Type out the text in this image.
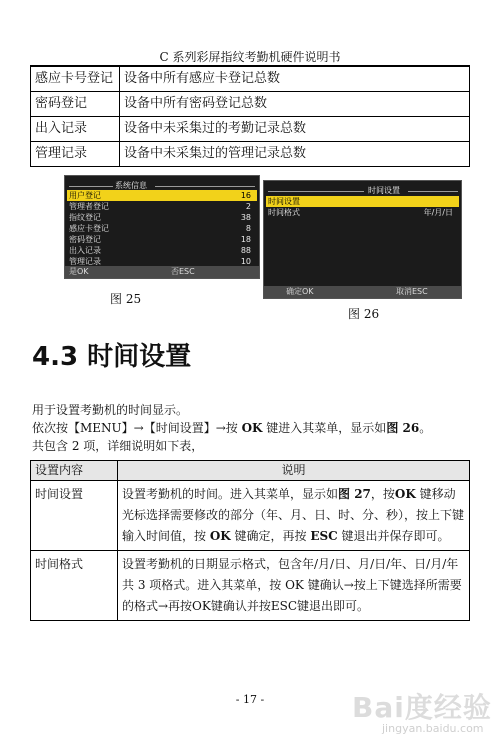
C 系列彩屏指纹考勤机硬件说明书
感应卡号登记	设备中所有感应卡登记总数
密码登记	设备中所有密码登记总数
出入记录	设备中未采集过的考勤记录总数
管理记录	设备中未采集过的管理记录总数
系统信息
用户登记	16
管理者登记	2
指纹登记	38
感应卡登记	8
密码登记	18
出入记录	88
管理记录	10
是OK	否ESC
时间设置
时间设置
时间格式	年/月/日
确定OK	取消ESC
图 25
图 26
4.3 时间设置
用于设置考勤机的时间显示。
依次按【MENU】→【时间设置】→按 OK 键进入其菜单，显示如图 26。
共包含 2 项，详细说明如下表，
设置内容	说明
时间设置	设置考勤机的时间。进入其菜单，显示如图 27，按OK 键移动光标选择需要修改的部分（年、月、日、时、分、秒），按上下键输入时间值，按 OK 键确定，再按 ESC 键退出并保存即可。
时间格式	设置考勤机的日期显示格式，包含年/月/日、月/日/年、日/月/年共 3 项格式。进入其菜单，按 OK 键确认→按上下键选择所需要的格式→再按OK键确认并按ESC键退出即可。
- 17 -	Bai度经验
jingyan.baidu.com
